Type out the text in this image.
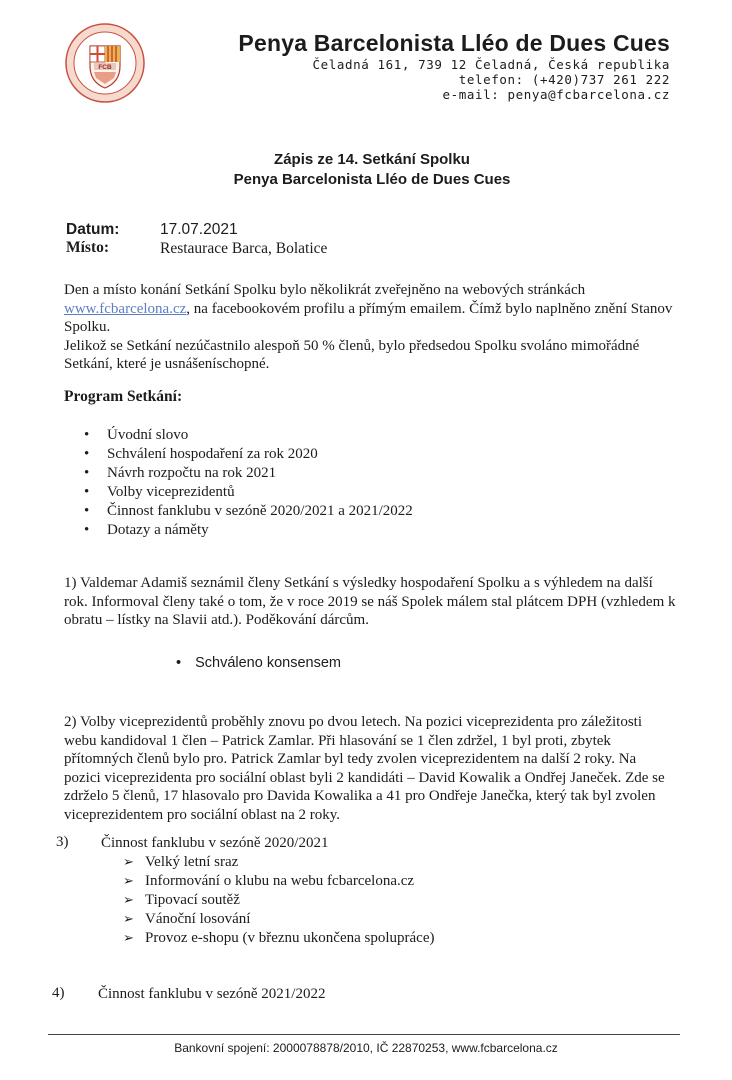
FCB
Penya Barcelonista Lléo de Dues Cues
Čeladná 161, 739 12 Čeladná, Česká republika
telefon: (+420)737 261 222
e-mail: penya@fcbarcelona.cz
Zápis ze 14. Setkání Spolku
Penya Barcelonista Lléo de Dues Cues
Datum:	17.07.2021
Místo:	Restaurace Barca, Bolatice
Den a místo konání Setkání Spolku bylo několikrát zveřejněno na webových stránkách www.fcbarcelona.cz, na facebookovém profilu a přímým emailem. Čímž bylo naplněno znění Stanov Spolku.
Jelikož se Setkání nezúčastnilo alespoň 50 % členů, bylo předsedou Spolku svoláno mimořádné Setkání, které je usnášeníschopné.
Program Setkání:
• Úvodní slovo
• Schválení hospodaření za rok 2020
• Návrh rozpočtu na rok 2021
• Volby viceprezidentů
• Činnost fanklubu v sezóně 2020/2021 a 2021/2022
• Dotazy a náměty
1) Valdemar Adamiš seznámil členy Setkání s výsledky hospodaření Spolku a s výhledem na další rok. Informoval členy také o tom, že v roce 2019 se náš Spolek málem stal plátcem DPH (vzhledem k obratu – lístky na Slavii atd.). Poděkování dárcům.
• Schváleno konsensem
2) Volby viceprezidentů proběhly znovu po dvou letech. Na pozici viceprezidenta pro záležitosti webu kandidoval 1 člen – Patrick Zamlar. Při hlasování se 1 člen zdržel, 1 byl proti, zbytek přítomných členů bylo pro. Patrick Zamlar byl tedy zvolen viceprezidentem na další 2 roky. Na pozici viceprezidenta pro sociální oblast byli 2 kandidáti – David Kowalik a Ondřej Janeček. Zde se zdrželo 5 členů, 17 hlasovalo pro Davida Kowalika a 41 pro Ondřeje Janečka, který tak byl zvolen viceprezidentem pro sociální oblast na 2 roky.
3) Činnost fanklubu v sezóně 2020/2021
➢ Velký letní sraz
➢ Informování o klubu na webu fcbarcelona.cz
➢ Tipovací soutěž
➢ Vánoční losování
➢ Provoz e-shopu (v březnu ukončena spolupráce)
4) Činnost fanklubu v sezóně 2021/2022
Bankovní spojení: 2000078878/2010, IČ 22870253, www.fcbarcelona.cz
